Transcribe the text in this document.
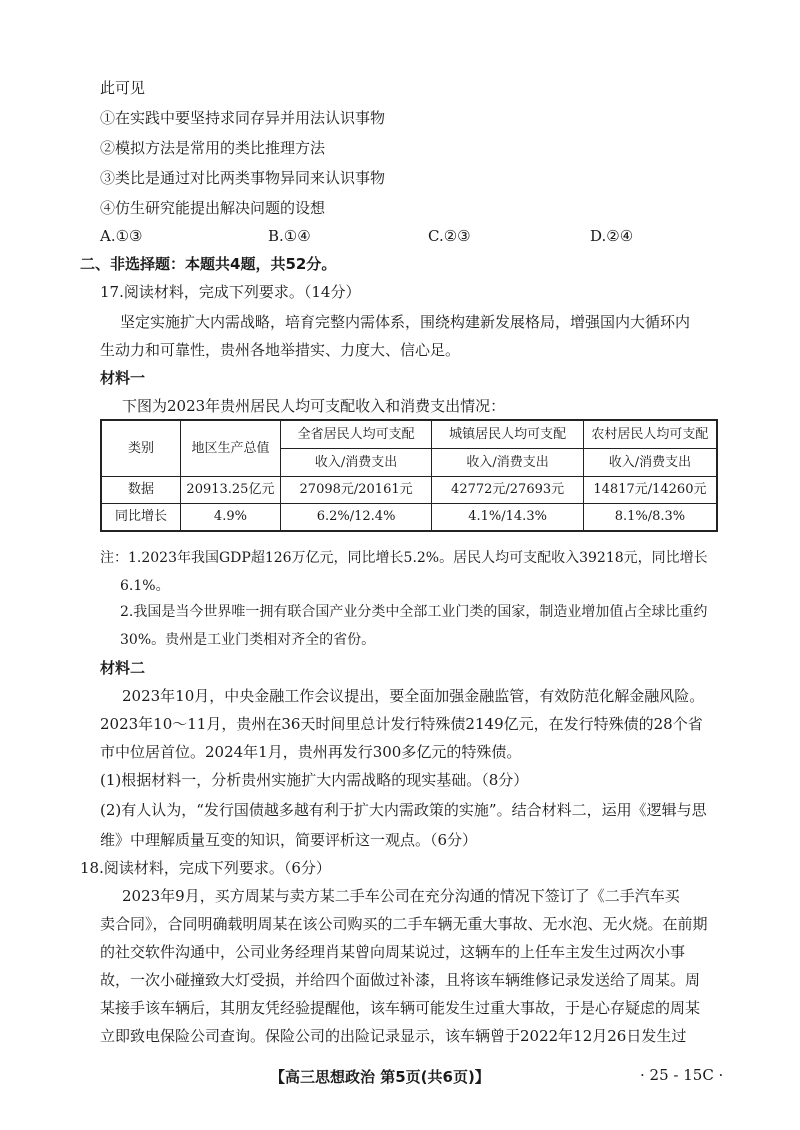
此可见
①在实践中要坚持求同存异并用法认识事物
②模拟方法是常用的类比推理方法
③类比是通过对比两类事物异同来认识事物
④仿生研究能提出解决问题的设想
A.①③	B.①④	C.②③	D.②④
二、非选择题：本题共4题，共52分。
17.阅读材料，完成下列要求。（14分）
坚定实施扩大内需战略，培育完整内需体系，围绕构建新发展格局，增强国内大循环内
生动力和可靠性，贵州各地举措实、力度大、信心足。
材料一
下图为2023年贵州居民人均可支配收入和消费支出情况：
类别	地区生产总值	全省居民人均可支配	城镇居民人均可支配	农村居民人均可支配
		收入/消费支出	收入/消费支出	收入/消费支出
数据	20913.25亿元	27098元/20161元	42772元/27693元	14817元/14260元
同比增长	4.9%	6.2%/12.4%	4.1%/14.3%	8.1%/8.3%
注：1.2023年我国GDP超126万亿元，同比增长5.2%。居民人均可支配收入39218元，同比增长
6.1%。
2.我国是当今世界唯一拥有联合国产业分类中全部工业门类的国家，制造业增加值占全球比重约
30%。贵州是工业门类相对齐全的省份。
材料二
2023年10月，中央金融工作会议提出，要全面加强金融监管，有效防范化解金融风险。
2023年10～11月，贵州在36天时间里总计发行特殊债2149亿元，在发行特殊债的28个省
市中位居首位。2024年1月，贵州再发行300多亿元的特殊债。
(1)根据材料一，分析贵州实施扩大内需战略的现实基础。（8分）
(2)有人认为，“发行国债越多越有利于扩大内需政策的实施”。结合材料二，运用《逻辑与思
维》中理解质量互变的知识，简要评析这一观点。（6分）
18.阅读材料，完成下列要求。（6分）
2023年9月，买方周某与卖方某二手车公司在充分沟通的情况下签订了《二手汽车买
卖合同》，合同明确载明周某在该公司购买的二手车辆无重大事故、无水泡、无火烧。在前期
的社交软件沟通中，公司业务经理肖某曾向周某说过，这辆车的上任车主发生过两次小事
故，一次小碰撞致大灯受损，并给四个面做过补漆，且将该车辆维修记录发送给了周某。周
某接手该车辆后，其朋友凭经验提醒他，该车辆可能发生过重大事故，于是心存疑虑的周某
立即致电保险公司查询。保险公司的出险记录显示，该车辆曾于2022年12月26日发生过
【高三思想政治 第5页(共6页)】	· 25 - 15C ·
